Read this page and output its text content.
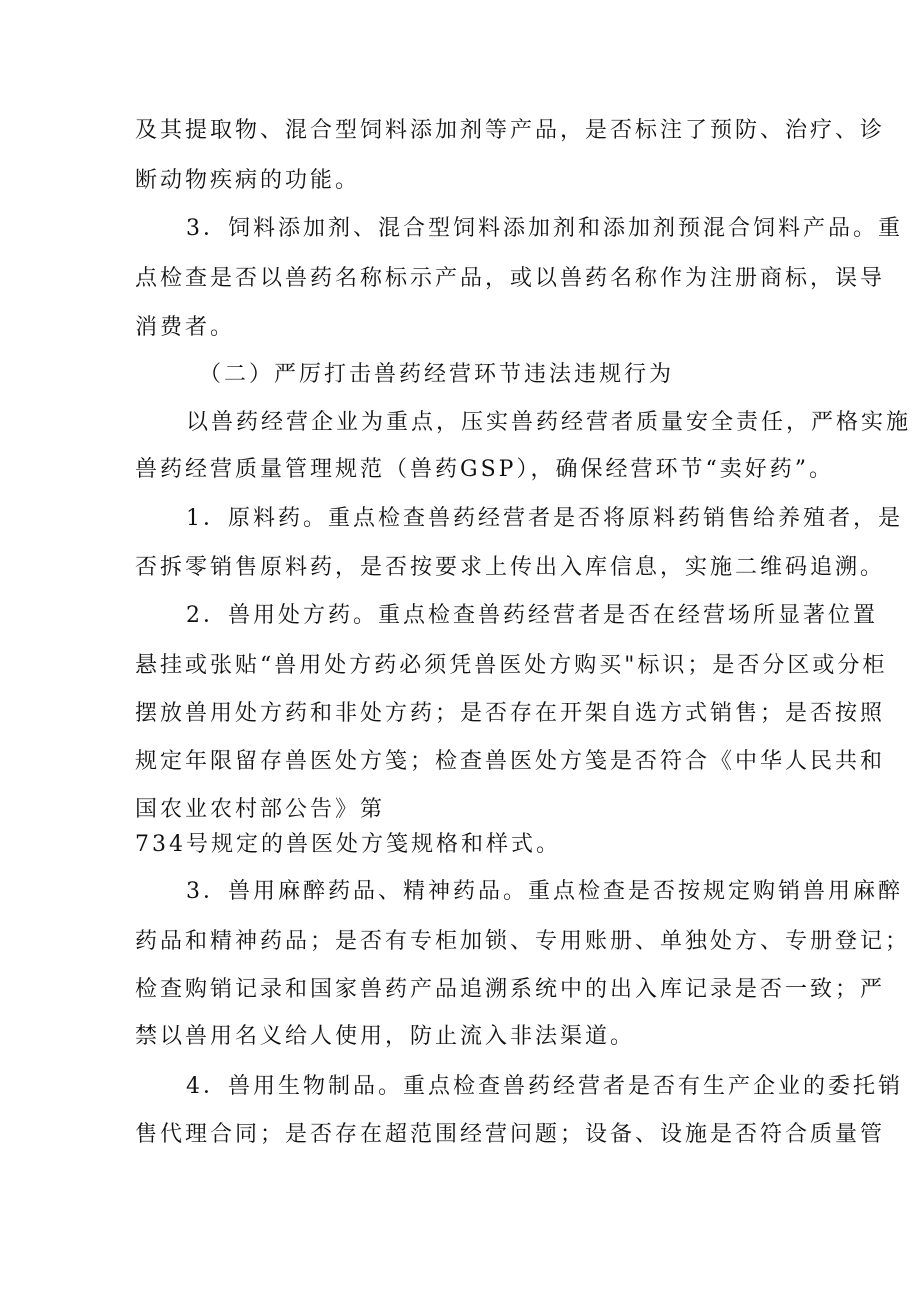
及其提取物、混合型饲料添加剂等产品，是否标注了预防、治疗、诊
断动物疾病的功能。
3．饲料添加剂、混合型饲料添加剂和添加剂预混合饲料产品。重
点检查是否以兽药名称标示产品，或以兽药名称作为注册商标，误导
消费者。
（二）严厉打击兽药经营环节违法违规行为
以兽药经营企业为重点，压实兽药经营者质量安全责任，严格实施
兽药经营质量管理规范（兽药GSP），确保经营环节“卖好药”。
1．原料药。重点检查兽药经营者是否将原料药销售给养殖者，是
否拆零销售原料药，是否按要求上传出入库信息，实施二维码追溯。
2．兽用处方药。重点检查兽药经营者是否在经营场所显著位置
悬挂或张贴“兽用处方药必须凭兽医处方购买"标识；是否分区或分柜
摆放兽用处方药和非处方药；是否存在开架自选方式销售；是否按照
规定年限留存兽医处方笺；检查兽医处方笺是否符合《中华人民共和
国农业农村部公告》第
734号规定的兽医处方笺规格和样式。
3．兽用麻醉药品、精神药品。重点检查是否按规定购销兽用麻醉
药品和精神药品；是否有专柜加锁、专用账册、单独处方、专册登记；
检查购销记录和国家兽药产品追溯系统中的出入库记录是否一致；严
禁以兽用名义给人使用，防止流入非法渠道。
4．兽用生物制品。重点检查兽药经营者是否有生产企业的委托销
售代理合同；是否存在超范围经营问题；设备、设施是否符合质量管
